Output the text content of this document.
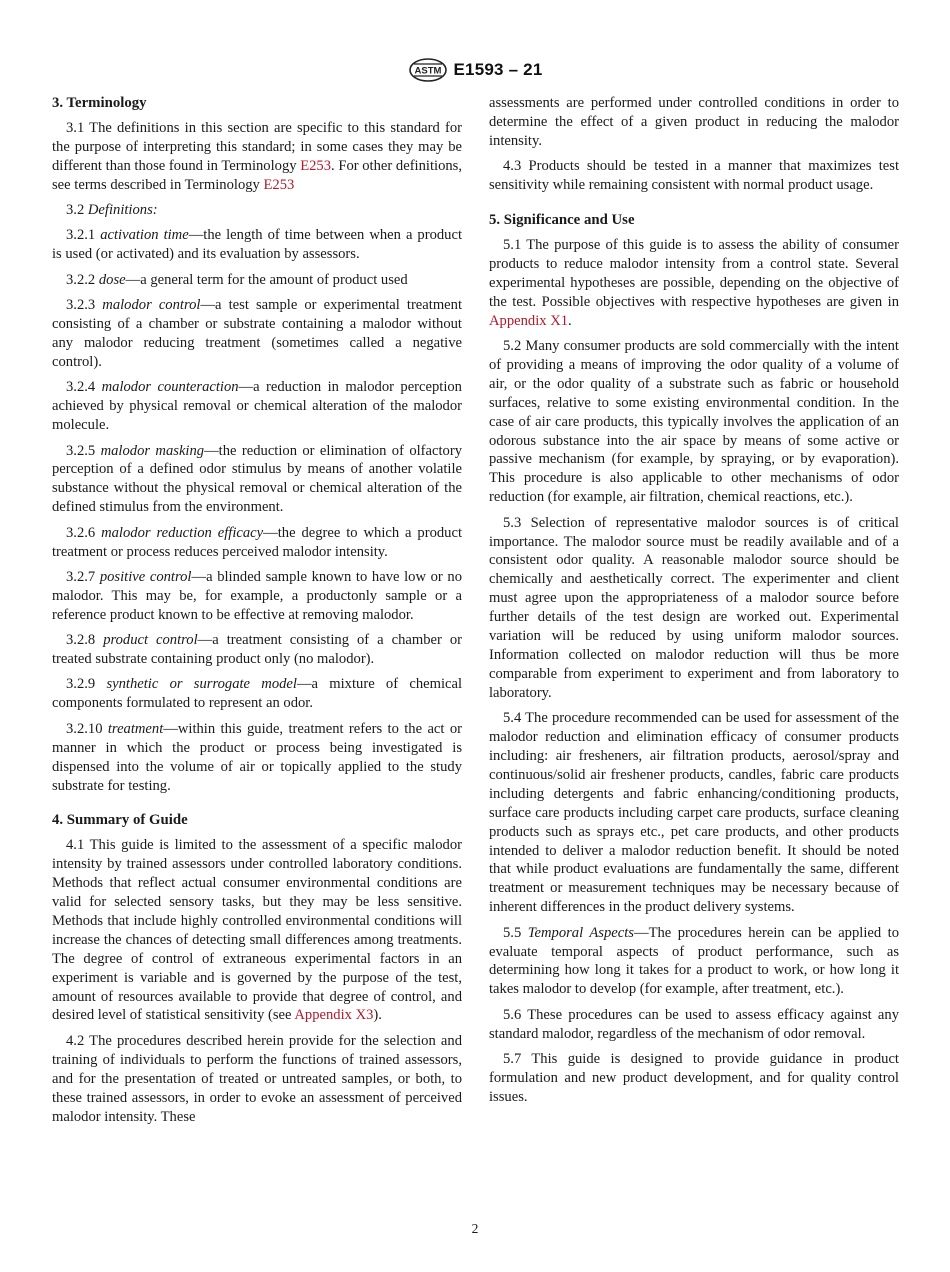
ASTM E1593 – 21
3. Terminology

3.1 The definitions in this section are specific to this standard for the purpose of interpreting this standard; in some cases they may be different than those found in Terminology E253. For other definitions, see terms described in Terminology E253

3.2 Definitions:

3.2.1 activation time—the length of time between when a product is used (or activated) and its evaluation by assessors.

3.2.2 dose—a general term for the amount of product used

3.2.3 malodor control—a test sample or experimental treatment consisting of a chamber or substrate containing a malodor without any malodor reducing treatment (sometimes called a negative control).

3.2.4 malodor counteraction—a reduction in malodor perception achieved by physical removal or chemical alteration of the malodor molecule.

3.2.5 malodor masking—the reduction or elimination of olfactory perception of a defined odor stimulus by means of another volatile substance without the physical removal or chemical alteration of the defined stimulus from the environment.

3.2.6 malodor reduction efficacy—the degree to which a product treatment or process reduces perceived malodor intensity.

3.2.7 positive control—a blinded sample known to have low or no malodor. This may be, for example, a productonly sample or a reference product known to be effective at removing malodor.

3.2.8 product control—a treatment consisting of a chamber or treated substrate containing product only (no malodor).

3.2.9 synthetic or surrogate model—a mixture of chemical components formulated to represent an odor.

3.2.10 treatment—within this guide, treatment refers to the act or manner in which the product or process being investigated is dispensed into the volume of air or topically applied to the study substrate for testing.

4. Summary of Guide

4.1 This guide is limited to the assessment of a specific malodor intensity by trained assessors under controlled laboratory conditions. Methods that reflect actual consumer environmental conditions are valid for selected sensory tasks, but they may be less sensitive. Methods that include highly controlled environmental conditions will increase the chances of detecting small differences among treatments. The degree of control of extraneous experimental factors in an experiment is variable and is governed by the purpose of the test, amount of resources available to provide that degree of control, and desired level of statistical sensitivity (see Appendix X3).

4.2 The procedures described herein provide for the selection and training of individuals to perform the functions of trained assessors, and for the presentation of treated or untreated samples, or both, to these trained assessors, in order to evoke an assessment of perceived malodor intensity. These

assessments are performed under controlled conditions in order to determine the effect of a given product in reducing the malodor intensity.

4.3 Products should be tested in a manner that maximizes test sensitivity while remaining consistent with normal product usage.

5. Significance and Use

5.1 The purpose of this guide is to assess the ability of consumer products to reduce malodor intensity from a control state. Several experimental hypotheses are possible, depending on the objective of the test. Possible objectives with respective hypotheses are given in Appendix X1.

5.2 Many consumer products are sold commercially with the intent of providing a means of improving the odor quality of a volume of air, or the odor quality of a substrate such as fabric or household surfaces, relative to some existing environmental condition. In the case of air care products, this typically involves the application of an odorous substance into the air space by means of some active or passive mechanism (for example, by spraying, or by evaporation). This procedure is also applicable to other mechanisms of odor reduction (for example, air filtration, chemical reactions, etc.).

5.3 Selection of representative malodor sources is of critical importance. The malodor source must be readily available and of a consistent odor quality. A reasonable malodor source should be chemically and aesthetically correct. The experimenter and client must agree upon the appropriateness of a malodor source before further details of the test design are worked out. Experimental variation will be reduced by using uniform malodor sources. Information collected on malodor reduction will thus be more comparable from experiment to experiment and from laboratory to laboratory.

5.4 The procedure recommended can be used for assessment of the malodor reduction and elimination efficacy of consumer products including: air fresheners, air filtration products, aerosol/spray and continuous/solid air freshener products, candles, fabric care products including detergents and fabric enhancing/conditioning products, surface care products including carpet care products, surface cleaning products such as sprays etc., pet care products, and other products intended to deliver a malodor reduction benefit. It should be noted that while product evaluations are fundamentally the same, different treatment or measurement techniques may be necessary because of inherent differences in the product delivery systems.

5.5 Temporal Aspects—The procedures herein can be applied to evaluate temporal aspects of product performance, such as determining how long it takes for a product to work, or how long it takes malodor to develop (for example, after treatment, etc.).

5.6 These procedures can be used to assess efficacy against any standard malodor, regardless of the mechanism of odor removal.

5.7 This guide is designed to provide guidance in product formulation and new product development, and for quality control issues.

2
